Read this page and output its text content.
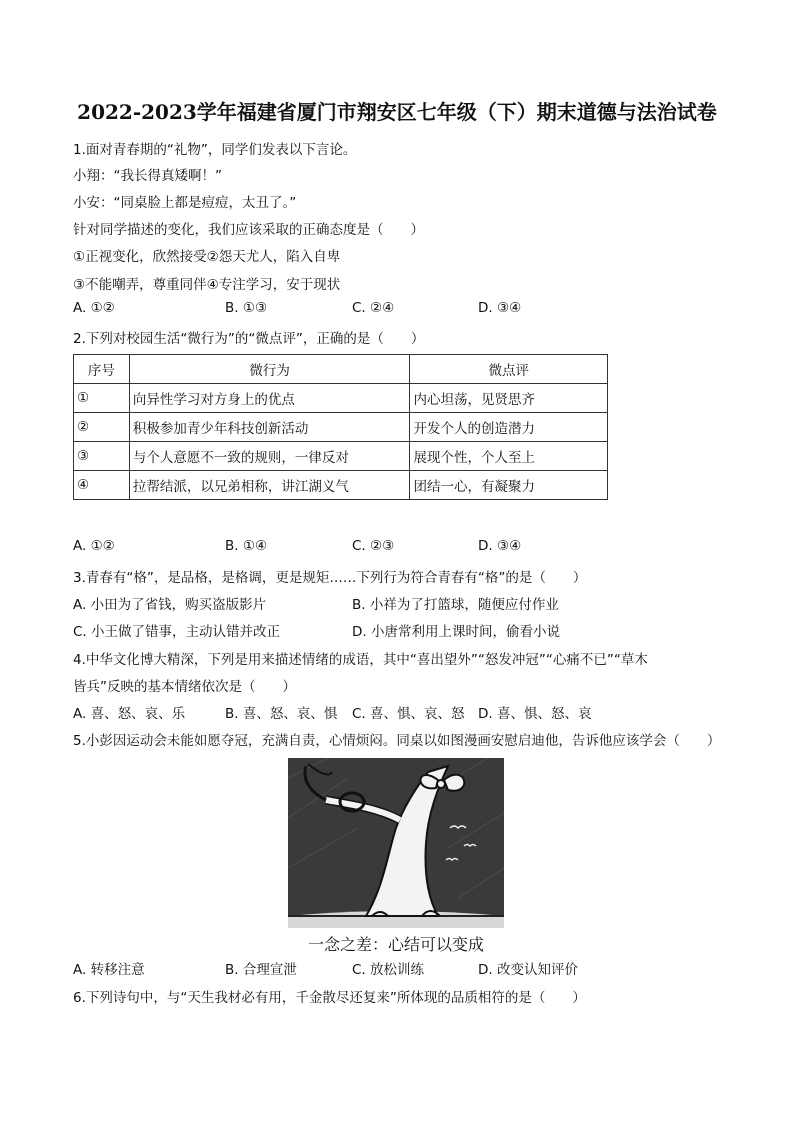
2022-2023学年福建省厦门市翔安区七年级（下）期末道德与法治试卷
1.面对青春期的“礼物”，同学们发表以下言论。
小翔：“我长得真矮啊！”
小安：“同桌脸上都是痘痘，太丑了。”
针对同学描述的变化，我们应该采取的正确态度是（　　）
①正视变化，欣然接受②怨天尤人，陷入自卑
③不能嘲弄，尊重同伴④专注学习，安于现状
A. ①②	B. ①③	C. ②④	D. ③④
2.下列对校园生活“微行为”的“微点评”，正确的是（　　）
序号	微行为	微点评
①	向异性学习对方身上的优点	内心坦荡，见贤思齐
②	积极参加青少年科技创新活动	开发个人的创造潜力
③	与个人意愿不一致的规则，一律反对	展现个性，个人至上
④	拉帮结派，以兄弟相称，讲江湖义气	团结一心，有凝聚力
A. ①②	B. ①④	C. ②③	D. ③④
3.青春有“格”，是品格，是格调，更是规矩……下列行为符合青春有“格”的是（　　）
A. 小田为了省钱，购买盗版影片	B. 小祥为了打篮球，随便应付作业
C. 小王做了错事，主动认错并改正	D. 小唐常利用上课时间，偷看小说
4.中华文化博大精深，下列是用来描述情绪的成语，其中“喜出望外”“怒发冲冠”“心痛不已”“草木
皆兵”反映的基本情绪依次是（　　）
A. 喜、怒、哀、乐	B. 喜、怒、哀、惧 C. 喜、惧、哀、怒 D. 喜、惧、怒、哀
5.小彭因运动会未能如愿夺冠，充满自责，心情烦闷。同桌以如图漫画安慰启迪他，告诉他应该学会（　　）
一念之差：心结可以变成
A. 转移注意	B. 合理宣泄	C. 放松训练	D. 改变认知评价
6.下列诗句中，与“天生我材必有用，千金散尽还复来”所体现的品质相符的是（　　）
